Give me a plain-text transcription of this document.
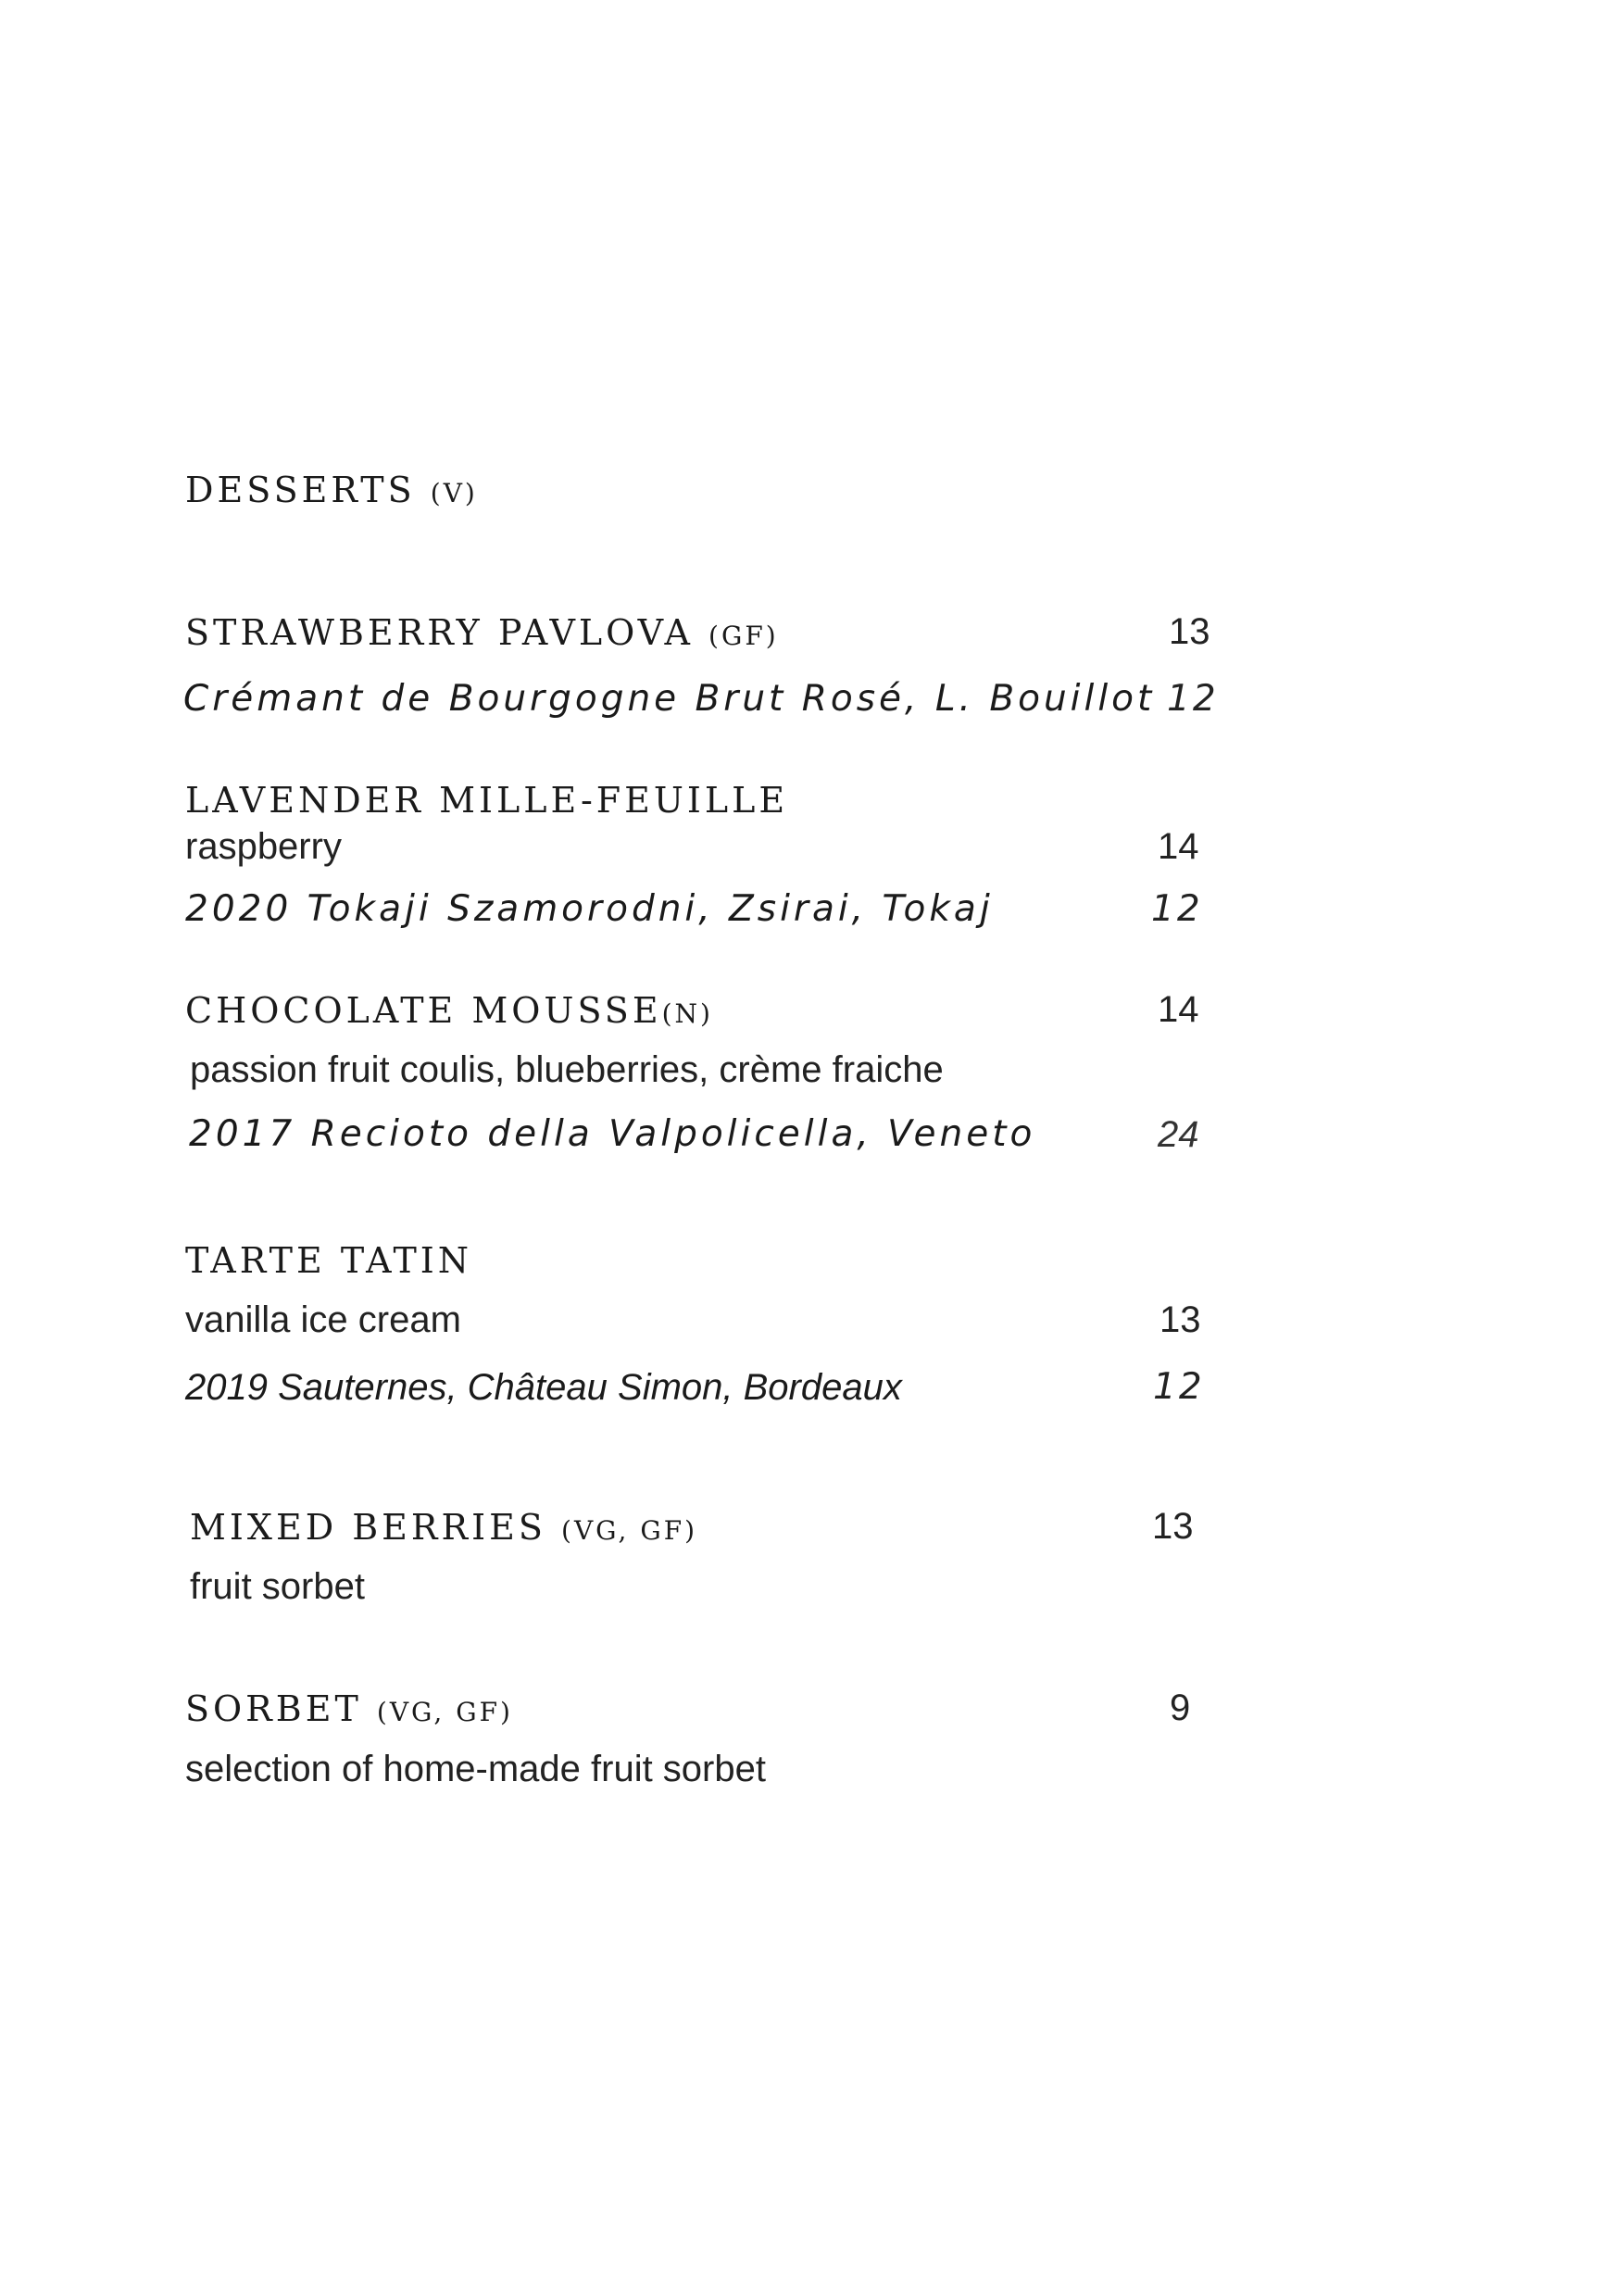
DESSERTS (V)
STRAWBERRY PAVLOVA (GF)	13
Crémant de Bourgogne Brut Rosé, L. Bouillot 12
LAVENDER MILLE-FEUILLE
raspberry	14
2020 Tokaji Szamorodni, Zsirai, Tokaj	12
CHOCOLATE MOUSSE(N)	14
passion fruit coulis, blueberries, crème fraiche
2017 Recioto della Valpolicella, Veneto	24
TARTE TATIN
vanilla ice cream	13
2019 Sauternes, Château Simon, Bordeaux	12
MIXED BERRIES (VG, GF)	13
fruit sorbet
SORBET (VG, GF)	9
selection of home-made fruit sorbet
